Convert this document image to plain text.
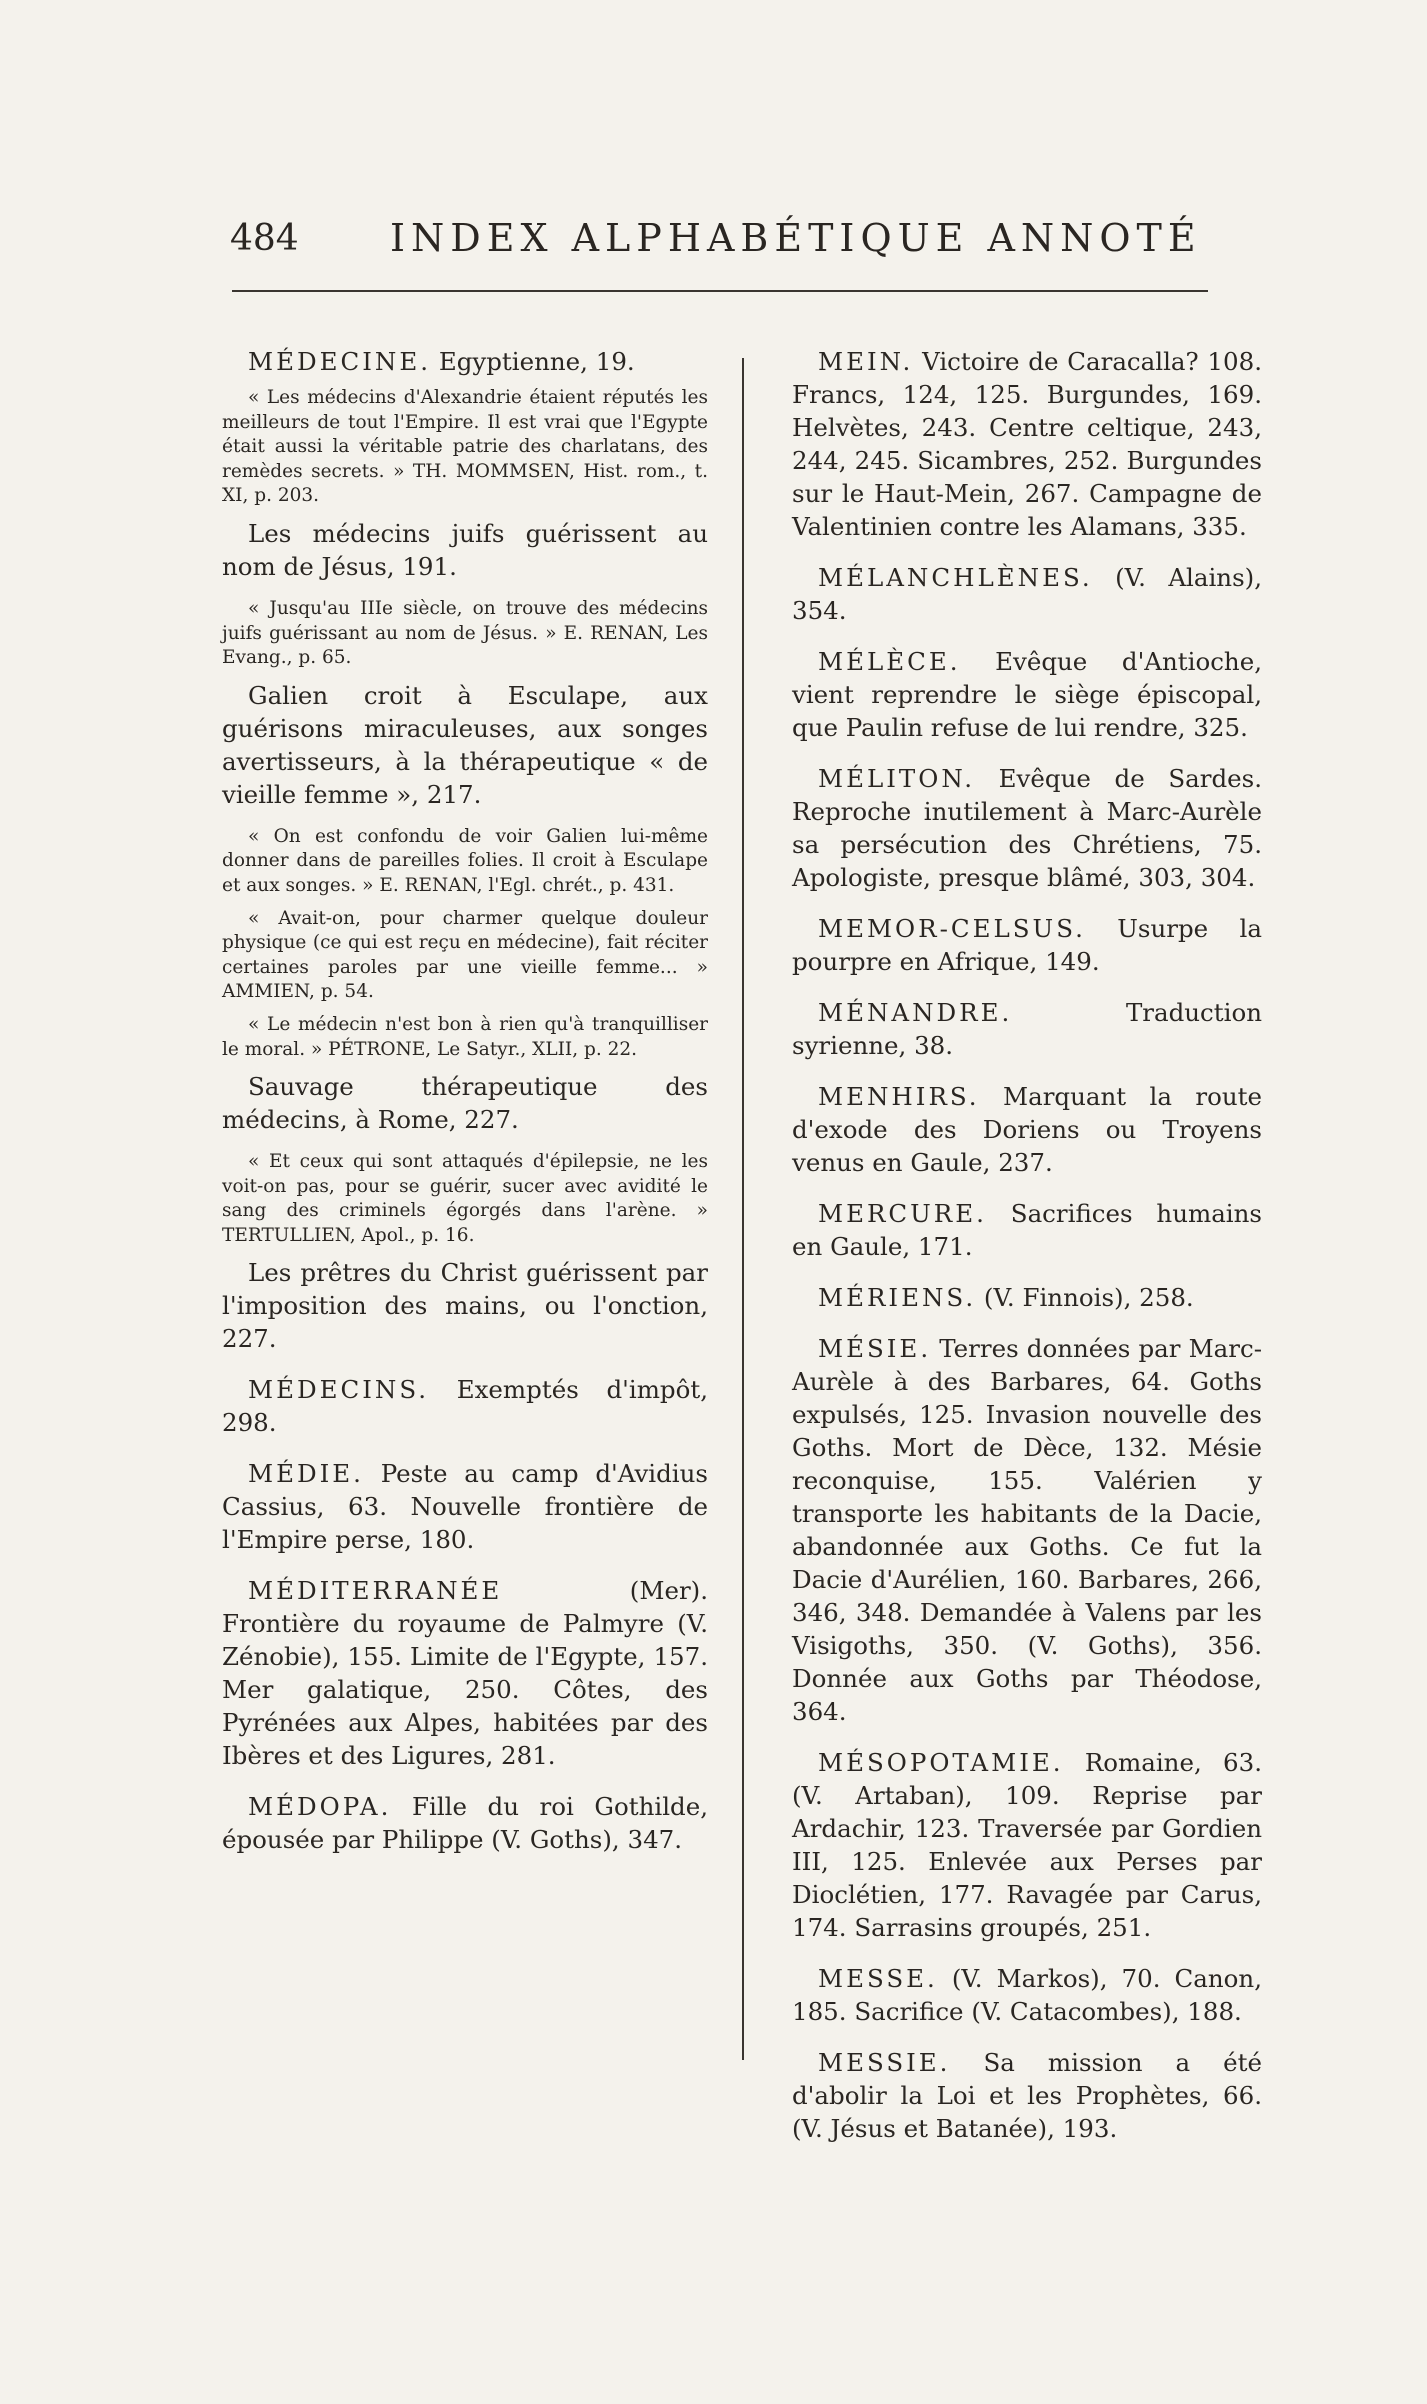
484 INDEX ALPHABÉTIQUE ANNOTÉ
MÉDECINE. Egyptienne, 19.
« Les médecins d'Alexandrie étaient réputés les meilleurs de tout l'Empire. Il est vrai que l'Egypte était aussi la véritable patrie des charlatans, des remèdes secrets. » TH. MOMMSEN, Hist. rom., t. XI, p. 203.
Les médecins juifs guérissent au nom de Jésus, 191.
« Jusqu'au IIIe siècle, on trouve des médecins juifs guérissant au nom de Jésus. » E. RENAN, Les Evang., p. 65.
Galien croit à Esculape, aux guérisons miraculeuses, aux songes avertisseurs, à la thérapeutique « de vieille femme », 217.
« On est confondu de voir Galien lui-même donner dans de pareilles folies. Il croit à Esculape et aux songes. » E. RENAN, l'Egl. chrét., p. 431.
« Avait-on, pour charmer quelque douleur physique (ce qui est reçu en médecine), fait réciter certaines paroles par une vieille femme... » AMMIEN, p. 54.
« Le médecin n'est bon à rien qu'à tranquilliser le moral. » PÉTRONE, Le Satyr., XLII, p. 22.
Sauvage thérapeutique des médecins, à Rome, 227.
« Et ceux qui sont attaqués d'épilepsie, ne les voit-on pas, pour se guérir, sucer avec avidité le sang des criminels égorgés dans l'arène. » TERTULLIEN, Apol., p. 16.
Les prêtres du Christ guérissent par l'imposition des mains, ou l'onction, 227.
MÉDECINS. Exemptés d'impôt, 298.
MÉDIE. Peste au camp d'Avidius Cassius, 63. Nouvelle frontière de l'Empire perse, 180.
MÉDITERRANÉE	(Mer). Frontière du royaume de Palmyre (V. Zénobie), 155. Limite de l'Egypte, 157. Mer galatique, 250. Côtes, des Pyrénées aux Alpes, habitées par des Ibères et des Ligures, 281.
MÉDOPA. Fille du roi Gothilde, épousée par Philippe (V. Goths), 347.
MEIN. Victoire de Caracalla? 108. Francs, 124, 125. Burgundes, 169. Helvètes, 243. Centre celtique, 243, 244, 245. Sicambres, 252. Burgundes sur le Haut-Mein, 267. Campagne de Valentinien contre les Alamans, 335.
MÉLANCHLÈNES. (V. Alains), 354.
MÉLÈCE. Evêque d'Antioche, vient reprendre le siège épiscopal, que Paulin refuse de lui rendre, 325.
MÉLITON. Evêque de Sardes. Reproche inutilement à Marc-Aurèle sa persécution des Chrétiens, 75. Apologiste, presque blâmé, 303, 304.
MEMOR-CELSUS. Usurpe la pourpre en Afrique, 149.
MÉNANDRE.	Traduction syrienne, 38.
MENHIRS. Marquant la route d'exode des Doriens ou Troyens venus en Gaule, 237.
MERCURE. Sacrifices humains en Gaule, 171.
MÉRIENS. (V. Finnois), 258.
MÉSIE. Terres données par Marc-Aurèle à des Barbares, 64. Goths expulsés, 125. Invasion nouvelle des Goths. Mort de Dèce, 132. Mésie reconquise, 155. Valérien y transporte les habitants de la Dacie, abandonnée aux Goths. Ce fut la Dacie d'Aurélien, 160. Barbares, 266, 346, 348. Demandée à Valens par les Visigoths, 350. (V. Goths), 356. Donnée aux Goths par Théodose, 364.
MÉSOPOTAMIE. Romaine, 63. (V. Artaban), 109. Reprise par Ardachir, 123. Traversée par Gordien III, 125. Enlevée aux Perses par Dioclétien, 177. Ravagée par Carus, 174. Sarrasins groupés, 251.
MESSE. (V. Markos), 70. Canon, 185. Sacrifice (V. Catacombes), 188.
MESSIE. Sa mission a été d'abolir la Loi et les Prophètes, 66. (V. Jésus et Batanée), 193.
